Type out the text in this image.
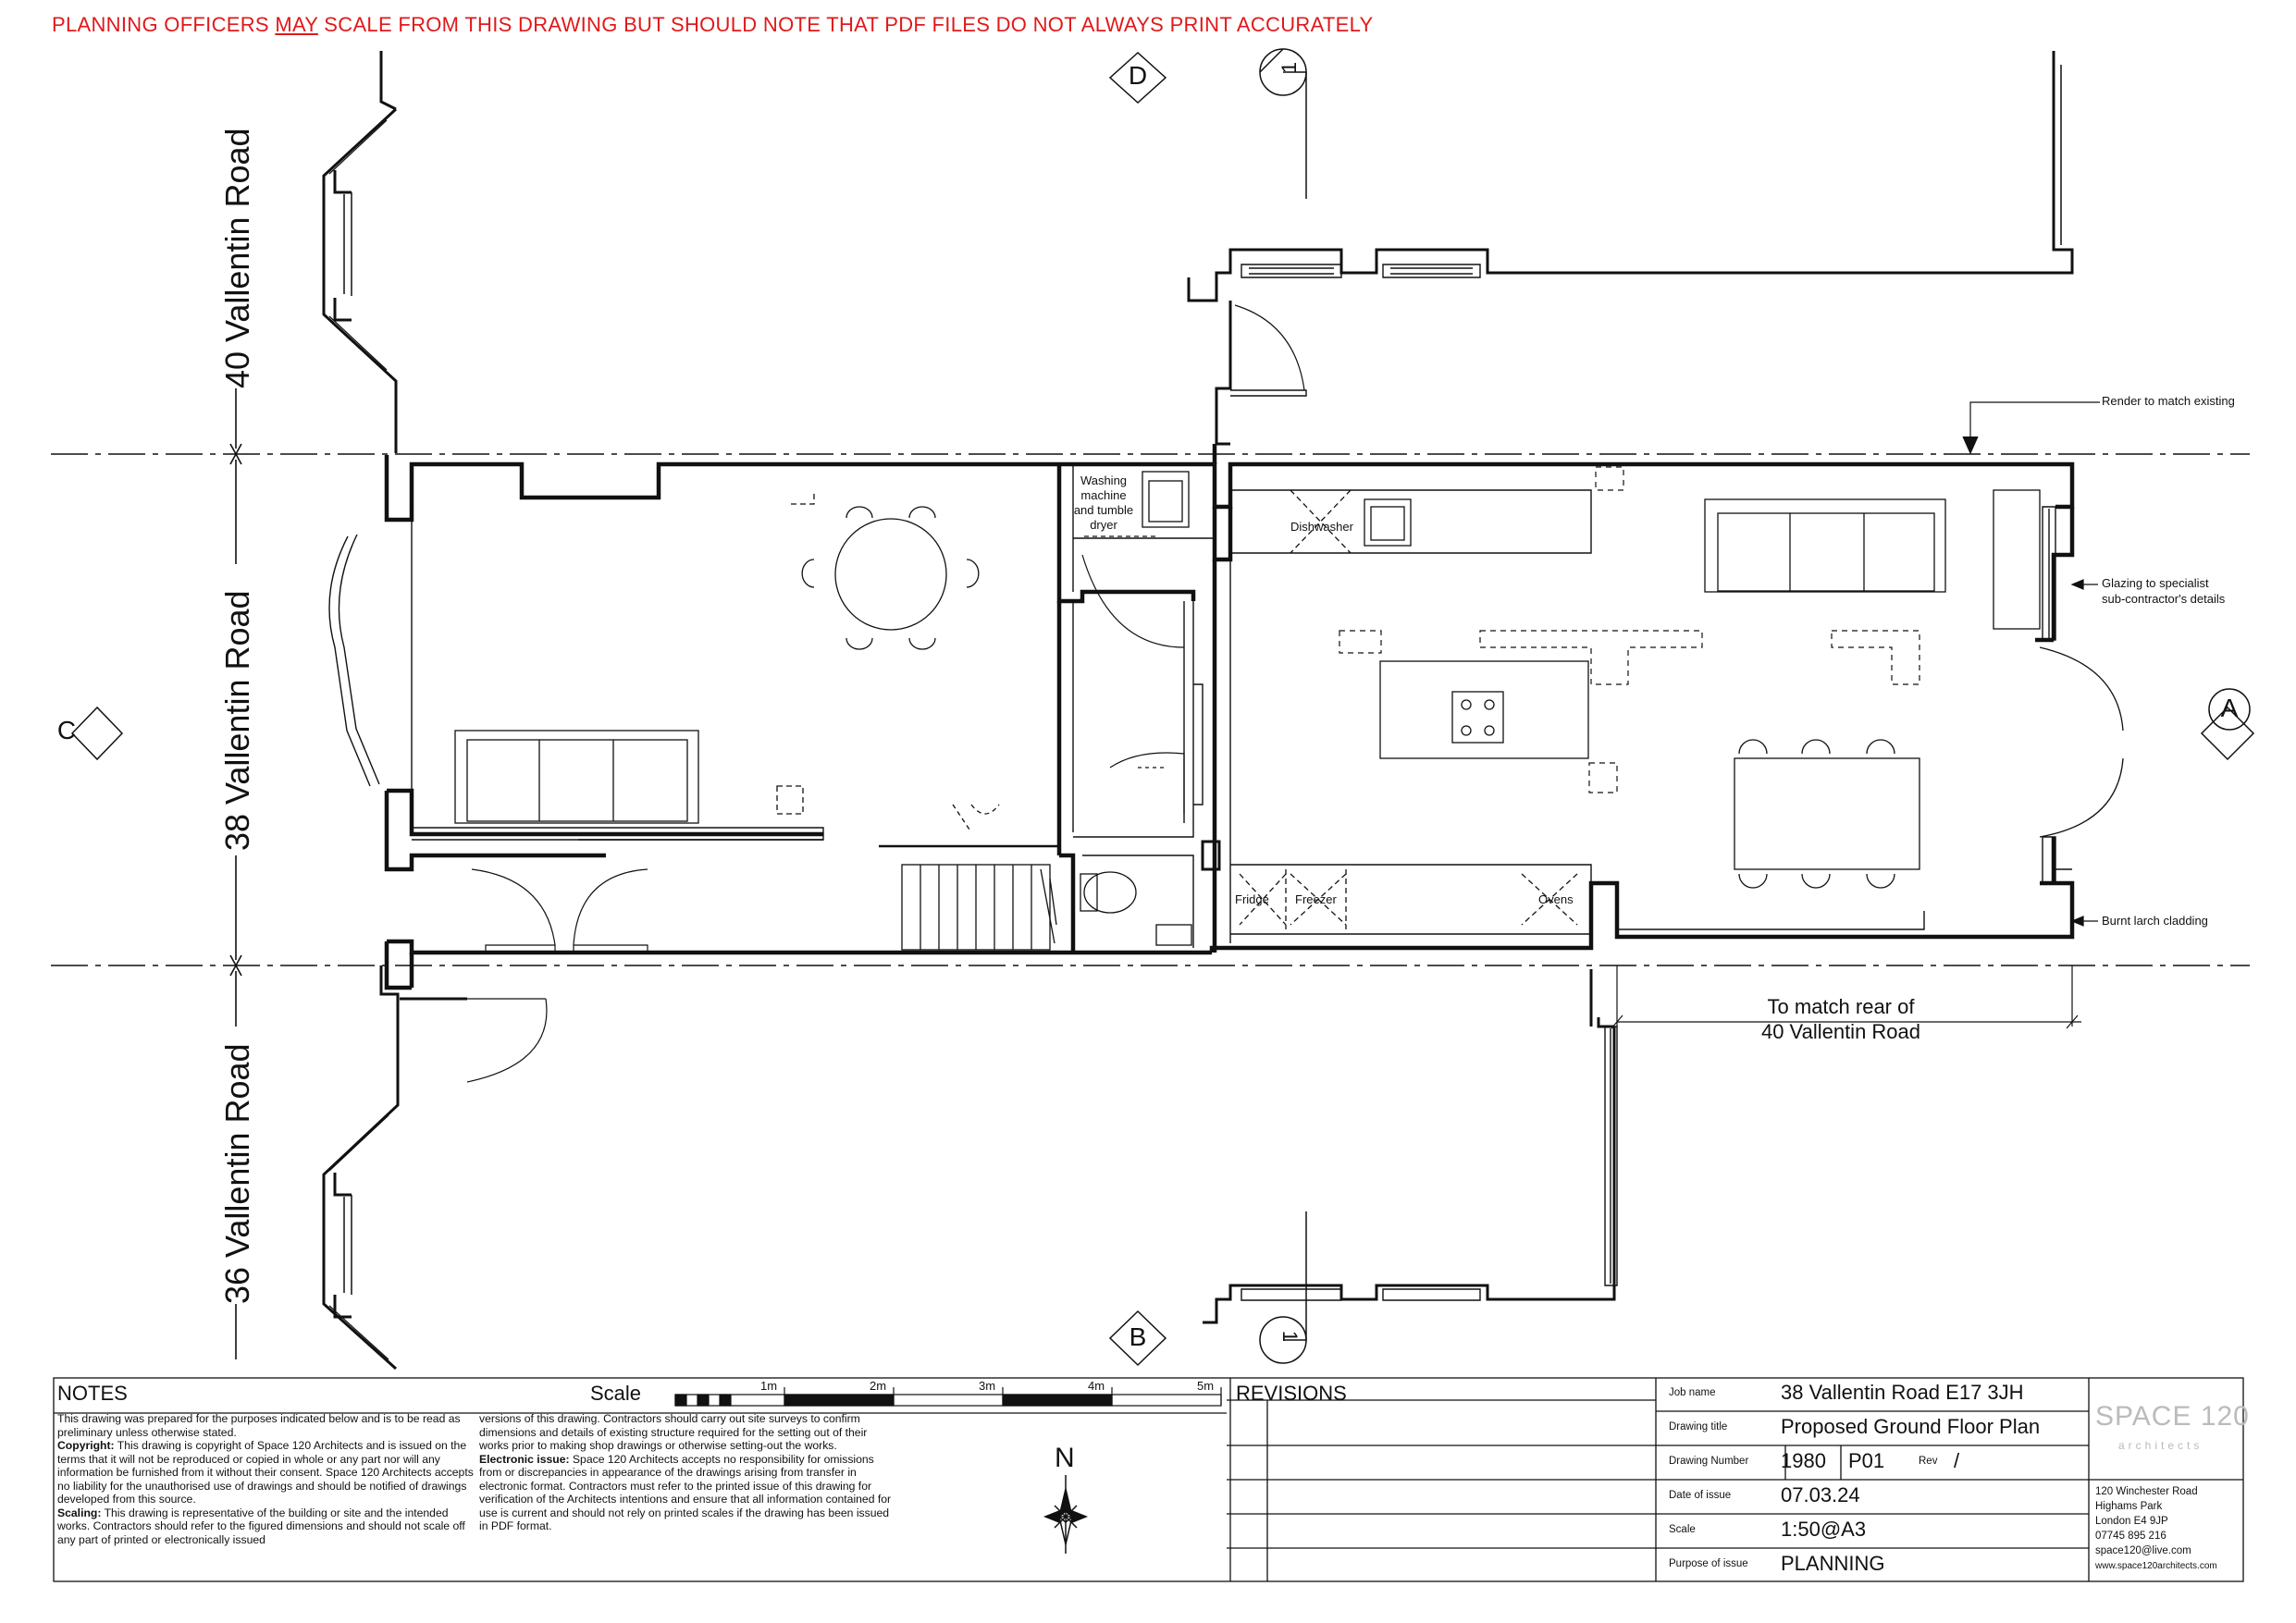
PLANNING OFFICERS MAY SCALE FROM THIS DRAWING BUT SHOULD NOTE THAT PDF FILES DO NOT ALWAYS PRINT ACCURATELY
40 Vallentin Road
38 Vallentin Road
36 Vallentin Road
D
B
C
A
1
1
Washing
machine
and tumble
dryer	Dishwasher
Fridge Freezer	Ovens
Render to match existing
Glazing to specialist
sub-contractor's details
Burnt larch cladding
To match rear of
40 Vallentin Road
NOTES	Scale	1m	2m	3m	4m	5m
N
This drawing was prepared for the purposes indicated below and is to be read as preliminary unless otherwise stated.
Copyright: This drawing is copyright of Space 120 Architects and is issued on the terms that it will not be reproduced or copied in whole or any part nor will any information be furnished from it without their consent. Space 120 Architects accepts no liability for the unauthorised use of drawings and should be notified of drawings developed from this source.
Scaling: This drawing is representative of the building or site and the intended works. Contractors should refer to the figured dimensions and should not scale off any part of printed or electronically issued
versions of this drawing. Contractors should carry out site surveys to confirm dimensions and details of existing structure required for the setting out of their works prior to making shop drawings or otherwise setting-out the works.
Electronic issue: Space 120 Architects accepts no responsibility for omissions from or discrepancies in appearance of the drawings arising from transfer in electronic format. Contractors must refer to the printed issue of this drawing for verification of the Architects intentions and ensure that all information contained for use is current and should not rely on printed scales if the drawing has been issued in PDF format.
REVISIONS	Job name	38 Vallentin Road E17 3JH
Drawing title	Proposed Ground Floor Plan
Drawing Number 1980 P01	Rev /
Date of issue 07.03.24
Scale	1:50@A3
Purpose of issue PLANNING
SPACE 120
architects
120 Winchester Road
Highams Park
London E4 9JP
07745 895 216
space120@live.com
www.space120architects.com
